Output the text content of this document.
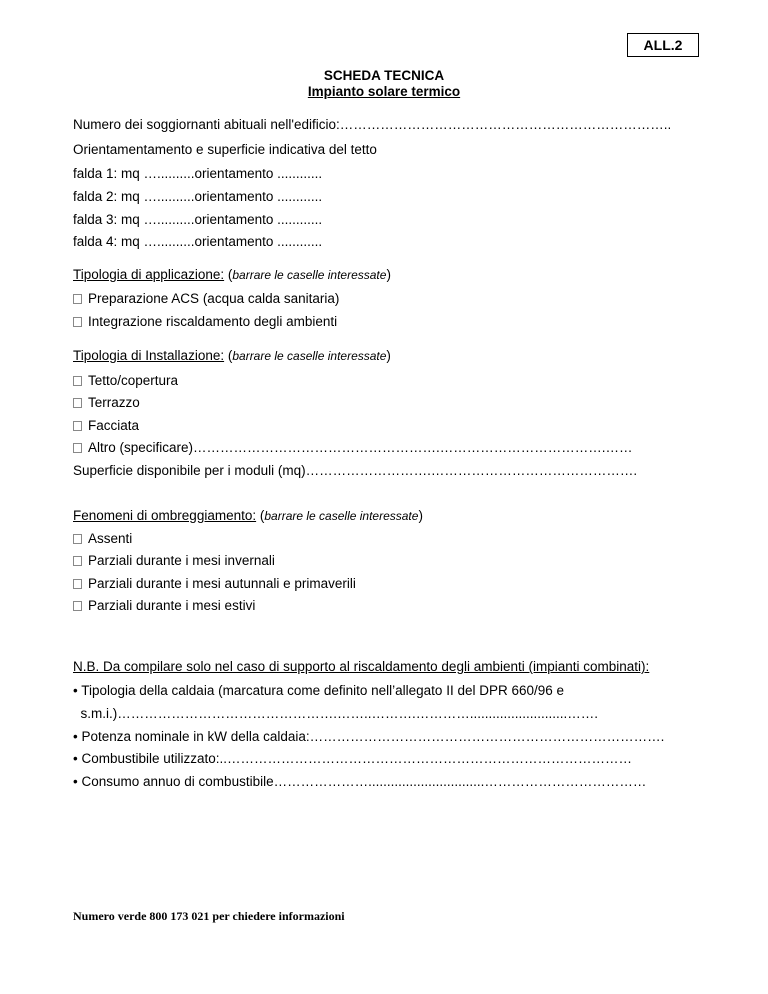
ALL.2
SCHEDA TECNICA
Impianto solare termico
Numero dei soggiornanti abituali nell'edificio:………………………………………………………………..
Orientamentamento e superficie indicativa del tetto
falda 1: mq …..........orientamento ............
falda 2: mq …..........orientamento ............
falda 3: mq …..........orientamento ............
falda 4: mq …..........orientamento ............
Tipologia di applicazione: (barrare le caselle interessate)
Preparazione ACS (acqua calda sanitaria)
Integrazione riscaldamento degli ambienti
Tipologia di Installazione: (barrare le caselle interessate)
Tetto/copertura
Terrazzo
Facciata
Altro (specificare)……………………………………………….……………………………….……
Superficie disponibile per i moduli (mq)……………………….……………………………………….
Fenomeni di ombreggiamento: (barrare le caselle interessate)
Assenti
Parziali durante i mesi invernali
Parziali durante i mesi autunnali e primaverili
Parziali durante i mesi estivi
N.B. Da compilare solo nel caso di supporto al riscaldamento degli ambienti (impianti combinati):
• Tipologia della caldaia (marcatura come definito nell’allegato II del DPR 660/96 e
s.m.i.)………………………………………….……..……….…………..........................…….
• Potenza nominale in kW della caldaia:…………………………………………………………………….
• Combustibile utilizzato:..………………………………………………………………………………
• Consumo annuo di combustibile…………………...............................………………………………
Numero verde 800 173 021 per chiedere informazioni
